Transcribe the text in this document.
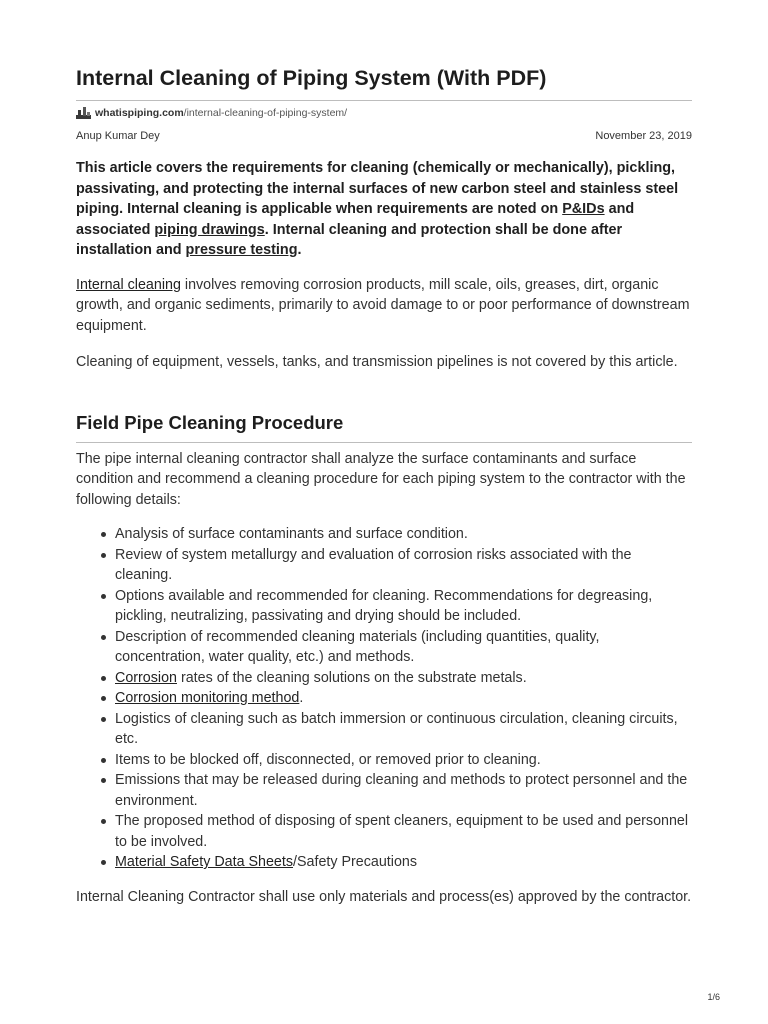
Internal Cleaning of Piping System (With PDF)
whatispiping.com /internal-cleaning-of-piping-system/
Anup Kumar Dey	November 23, 2019

This article covers the requirements for cleaning (chemically or mechanically), pickling, passivating, and protecting the internal surfaces of new carbon steel and stainless steel piping. Internal cleaning is applicable when requirements are noted on P&IDs and associated piping drawings. Internal cleaning and protection shall be done after installation and pressure testing.

Internal cleaning involves removing corrosion products, mill scale, oils, greases, dirt, organic growth, and organic sediments, primarily to avoid damage to or poor performance of downstream equipment.

Cleaning of equipment, vessels, tanks, and transmission pipelines is not covered by this article.

Field Pipe Cleaning Procedure

The pipe internal cleaning contractor shall analyze the surface contaminants and surface condition and recommend a cleaning procedure for each piping system to the contractor with the following details:

Analysis of surface contaminants and surface condition.
Review of system metallurgy and evaluation of corrosion risks associated with the cleaning.
Options available and recommended for cleaning. Recommendations for degreasing, pickling, neutralizing, passivating and drying should be included.
Description of recommended cleaning materials (including quantities, quality, concentration, water quality, etc.) and methods.
Corrosion rates of the cleaning solutions on the substrate metals.
Corrosion monitoring method.
Logistics of cleaning such as batch immersion or continuous circulation, cleaning circuits, etc.
Items to be blocked off, disconnected, or removed prior to cleaning.
Emissions that may be released during cleaning and methods to protect personnel and the environment.
The proposed method of disposing of spent cleaners, equipment to be used and personnel to be involved.
Material Safety Data Sheets/Safety Precautions

Internal Cleaning Contractor shall use only materials and process(es) approved by the contractor.

1/6
